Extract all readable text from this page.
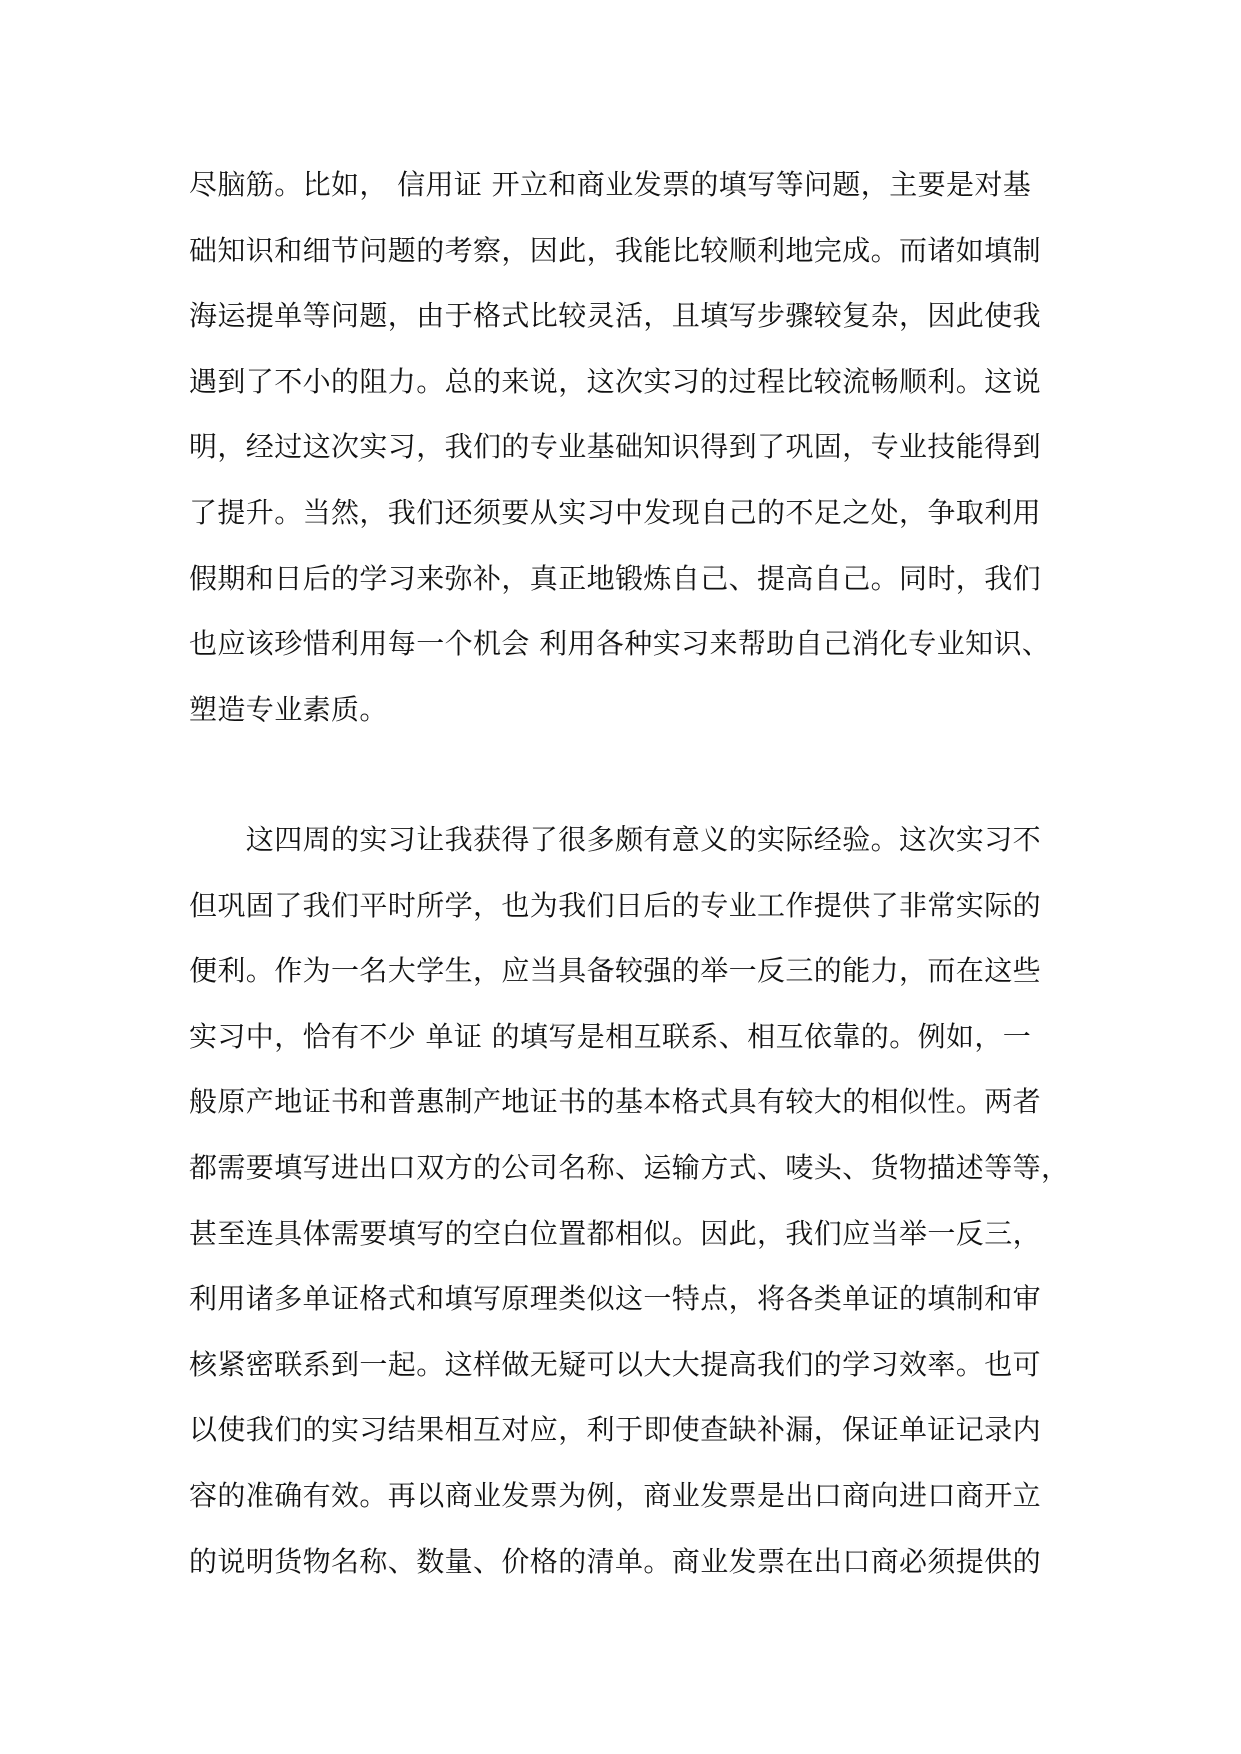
尽脑筋。比如， 信用证 开立和商业发票的填写等问题，主要是对基
础知识和细节问题的考察，因此，我能比较顺利地完成。而诸如填制
海运提单等问题，由于格式比较灵活，且填写步骤较复杂，因此使我
遇到了不小的阻力。总的来说，这次实习的过程比较流畅顺利。这说
明，经过这次实习，我们的专业基础知识得到了巩固，专业技能得到
了提升。当然，我们还须要从实习中发现自己的不足之处，争取利用
假期和日后的学习来弥补，真正地锻炼自己、提高自己。同时，我们
也应该珍惜利用每一个机会 利用各种实习来帮助自己消化专业知识、
塑造专业素质。
　　这四周的实习让我获得了很多颇有意义的实际经验。这次实习不
但巩固了我们平时所学，也为我们日后的专业工作提供了非常实际的
便利。作为一名大学生，应当具备较强的举一反三的能力，而在这些
实习中，恰有不少 单证 的填写是相互联系、相互依靠的。例如，一
般原产地证书和普惠制产地证书的基本格式具有较大的相似性。两者
都需要填写进出口双方的公司名称、运输方式、唛头、货物描述等等，
甚至连具体需要填写的空白位置都相似。因此，我们应当举一反三，
利用诸多单证格式和填写原理类似这一特点，将各类单证的填制和审
核紧密联系到一起。这样做无疑可以大大提高我们的学习效率。也可
以使我们的实习结果相互对应，利于即使查缺补漏，保证单证记录内
容的准确有效。再以商业发票为例，商业发票是出口商向进口商开立
的说明货物名称、数量、价格的清单。商业发票在出口商必须提供的
